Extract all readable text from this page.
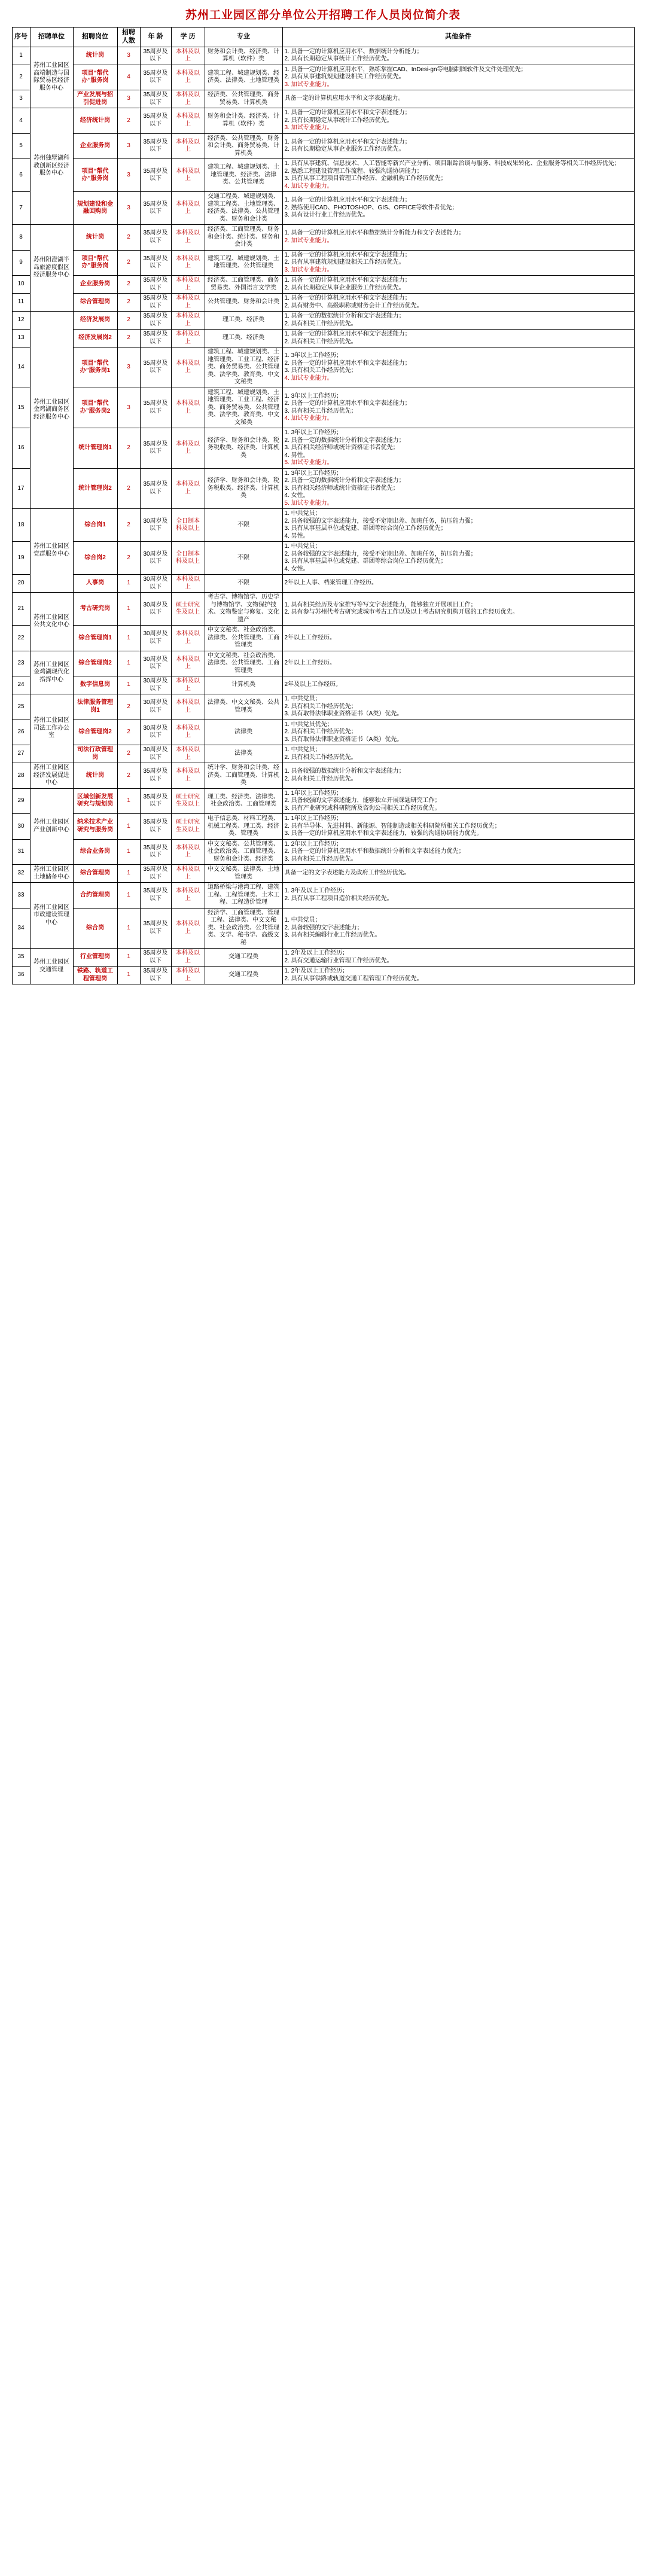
苏州工业园区部分单位公开招聘工作人员岗位简介表
序号	招聘单位	招聘岗位	招聘人数	年 龄	学 历	专业	其他条件
1	苏州工业园区高端制造与国际贸易区经济服务中心	统计岗	3	35周岁及以下	本科及以上	财务和会计类、经济类、计算机（软件）类	1. 具备一定的计算机应用水平、数据统计分析能力；
2. 具有长期稳定从事统计工作经历优先。

2		项目“帮代办”服务岗	4	35周岁及以下	本科及以上	建筑工程、城建规划类、经济类、法律类、土地管理类	1. 具备一定的计算机应用水平，熟练掌握CAD、InDesi-gn等电脑制图软件及文件处理优先；
2. 具有从事建筑规划建设相关工作经历优先。
3. 加试专业能力。

3		产业发展与招引促进岗	3	35周岁及以下	本科及以上	经济类、公共管理类、商务贸易类、计算机类	具备一定的计算机应用水平和文字表述能力。

4	苏州独墅湖科教创新区经济服务中心	经济统计岗	2	35周岁及以下	本科及以上	财务和会计类、经济类、计算机（软件）类	1. 具备一定的计算机应用水平和文字表述能力；
2. 具有长期稳定从事统计工作经历优先。
3. 加试专业能力。

5		企业服务岗	3	35周岁及以下	本科及以上	经济类、公共管理类、财务和会计类、商务贸易类、计算机类	1. 具备一定的计算机应用水平和文字表述能力；
2. 具有长期稳定从事企业服务工作经历优先。

6		项目“帮代办”服务岗	3	35周岁及以下	本科及以上	建筑工程、城建规划类、土地管理类、经济类、法律类、公共管理类	1. 具有从事建筑、信息技术、人工智能等新兴产业分析、项目跟踪洽谈与服务、科技成果转化、企业服务等相关工作经历优先；
2. 熟悉工程建设管理工作流程、较强沟通协调能力；
3. 具有从事工程项目管理工作经历、金融机构工作经历优先；
4. 加试专业能力。

7		规划建设和金融回购岗	3	35周岁及以下	本科及以上	交通工程类、城建规划类、建筑工程类、土地管理类、经济类、法律类、公共管理类、财务和会计类	1. 具备一定的计算机应用水平和文字表述能力；
2. 熟练使用CAD、PHOTOSHOP、GIS、OFFICE等软件者优先；
3. 具有设计行业工作经历优先。

8	苏州阳澄湖半岛旅游度假区经济服务中心	统计岗	2	35周岁及以下	本科及以上	经济类、工商管理类、财务和会计类、统计类、财务和会计类	1. 具备一定的计算机应用水平和数据统计分析能力和文字表述能力；
2. 加试专业能力。

9		项目“帮代办”服务岗	2	35周岁及以下	本科及以上	建筑工程、城建规划类、土地管理类、公共管理类	1. 具备一定的计算机应用水平和文字表述能力；
2. 具有从事建筑规划建设相关工作经历优先。
3. 加试专业能力。

10		企业服务岗	2	35周岁及以下	本科及以上	经济类、工商管理类、商务贸易类、外国语言文学类	1. 具备一定的计算机应用水平和文字表述能力；
2. 具有长期稳定从事企业服务工作经历优先。

11		综合管理岗	2	35周岁及以下	本科及以上	公共管理类、财务和会计类	1. 具备一定的计算机应用水平和文字表述能力；
2. 具有财务中、高级职称或财务会计工作经历优先。

12	苏州工业园区金鸡湖商务区经济服务中心	经济发展岗	2	35周岁及以下	本科及以上	理工类、经济类	1. 具备一定的数据统计分析和文字表述能力；
2. 具有相关工作经历优先。

13		经济发展岗2	2	35周岁及以下	本科及以上	理工类、经济类	1. 具备一定的计算机应用水平和文字表述能力；
2. 具有相关工作经历优先。

14		项目“帮代办”服务岗1	3	35周岁及以下	本科及以上	建筑工程、城建规划类、土地管理类、工业工程、经济类、商务贸易类、公共管理类、法学类、教育类、中文文秘类	1. 3年以上工作经历；
2. 具备一定的计算机应用水平和文字表述能力；
3. 具有相关工作经历优先；
4. 加试专业能力。

15		项目“帮代办”服务岗2	3	35周岁及以下	本科及以上	建筑工程、城建规划类、土地管理类、工业工程、经济类、商务贸易类、公共管理类、法学类、教育类、中文文秘类	1. 3年以上工作经历；
2. 具备一定的计算机应用水平和文字表述能力；
3. 具有相关工作经历优先；
4. 加试专业能力。

16		统计管理岗1	2	35周岁及以下	本科及以上	经济学、财务和会计类、税务税收类、经济类、计算机类	1. 3年以上工作经历；
2. 具备一定的数据统计分析和文字表述能力；
3. 具有相关经济师或统计资格证书者优先；
4. 男性。
5. 加试专业能力。

17		统计管理岗2	2	35周岁及以下	本科及以上	经济学、财务和会计类、税务税收类、经济类、计算机类	1. 3年以上工作经历；
2. 具备一定的数据统计分析和文字表述能力；
3. 具有相关经济师或统计资格证书者优先；
4. 女性。
5. 加试专业能力。

18	苏州工业园区党群服务中心	综合岗1	2	30周岁及以下	全日制本科及以上	不限	1. 中共党员；
2. 具备较强的文字表述能力，接受不定期出差、加班任务，抗压能力强；
3. 具有从事基层单位或党建、群团等综合岗位工作经历优先；
4. 男性。

19		综合岗2	2	30周岁及以下	全日制本科及以上	不限	1. 中共党员；
2. 具备较强的文字表述能力，接受不定期出差、加班任务，抗压能力强；
3. 具有从事基层单位或党建、群团等综合岗位工作经历优先；
4. 女性。

20		人事岗	1	30周岁及以下	本科及以上	不限	2年以上人事、档案管理工作经历。

21	苏州工业园区公共文化中心	考古研究岗	1	30周岁及以下	硕士研究生及以上	考古学、博物馆学、历史学与博物馆学、文物保护技术、文物鉴定与修复、文化遗产	1. 具有相关经历及专家推写等写文字表述能力，能够独立开展项目工作；
2. 具有参与苏州代考古研究或城市考古工作以及以上考古研究机构开展的工作经历优先。

22		综合管理岗1	1	30周岁及以下	本科及以上	中文文秘类、社会政治类、法律类、公共管理类、工商管理类	2年以上工作经历。

23	苏州工业园区金鸡湖现代化指挥中心	综合管理岗2	1	30周岁及以下	本科及以上	中文文秘类、社会政治类、法律类、公共管理类、工商管理类	2年以上工作经历。

24		数字信息岗	1	30周岁及以下	本科及以上	计算机类	2年及以上工作经历。

25	苏州工业园区司法工作办公室	法律服务管理岗1	2	30周岁及以下	本科及以上	法律类、中文文秘类、公共管理类	1. 中共党员；
2. 具有相关工作经历优先；
3. 具有取得法律职业资格证书（A类）优先。

26		综合管理岗2	2	30周岁及以下	本科及以上	法律类	1. 中共党员优先；
2. 具有相关工作经历优先；
3. 具有取得法律职业资格证书（A类）优先。

27		司法行政管理岗	2	30周岁及以下	本科及以上	法律类	1. 中共党员；
2. 具有相关工作经历优先。

28	苏州工业园区经济发展促进中心	统计岗	2	35周岁及以下	本科及以上	统计学、财务和会计类、经济类、工商管理类、计算机类	1. 具备较强的数据统计分析和文字表述能力；
2. 具有相关工作经历优先。

29	苏州工业园区产业创新中心	区域创新发展研究与规划岗	1	35周岁及以下	硕士研究生及以上	理工类、经济类、法律类、社会政治类、工商管理类	1. 1年以上工作经历；
2. 具备较强的文字表述能力，能够独立开展课题研究工作；
3. 具有产业研究或科研院所及咨询公司相关工作经历优先。

30		纳米技术产业研究与服务岗	1	35周岁及以下	硕士研究生及以上	电子信息类、材料工程类、机械工程类、理工类、经济类、管理类	1. 1年以上工作经历；
2. 具有半导体、先进材料、新能源、智能制造或相关科研院所相关工作经历优先；
3. 具备一定的计算机应用水平和文字表述能力，较强的沟通协调能力优先。

31		综合业务岗	1	35周岁及以下	本科及以上	中文文秘类、公共管理类、社会政治类、工商管理类、财务和会计类、经济类	1. 2年以上工作经历；
2. 具备一定的计算机应用水平和数据统计分析和文字表述能力优先；
3. 具有相关工作经历优先。

32	苏州工业园区土地储备中心	综合管理岗	1	35周岁及以下	本科及以上	中文文秘类、法律类、土地管理类	具备一定的文字表述能力及政府工作经历优先。

33	苏州工业园区市政建设管理中心	合约管理岗	1	35周岁及以下	本科及以上	道路桥梁与港湾工程、建筑工程、工程管理类、土木工程、工程造价管理	1. 3年及以上工作经历；
2. 具有从事工程项目造价相关经历优先。

34		综合岗	1	35周岁及以下	本科及以上	经济学、工商管理类、管理工程、法律类、中文文秘类、社会政治类、公共管理类、文学、秘书学、高级文秘	1. 中共党员；
2. 具备较强的文字表述能力；
3. 具有相关编辑行业工作经历优先。

35	苏州工业园区交通管理	行业管理岗	1	35周岁及以下	本科及以上	交通工程类	1. 2年及以上工作经历；
2. 具有交通运输行业管理工作经历优先。

36		铁路、轨道工程管理岗	1	35周岁及以下	本科及以上	交通工程类	1. 2年及以上工作经历；
2. 具有从事铁路或轨道交通工程管理工作经历优先。
